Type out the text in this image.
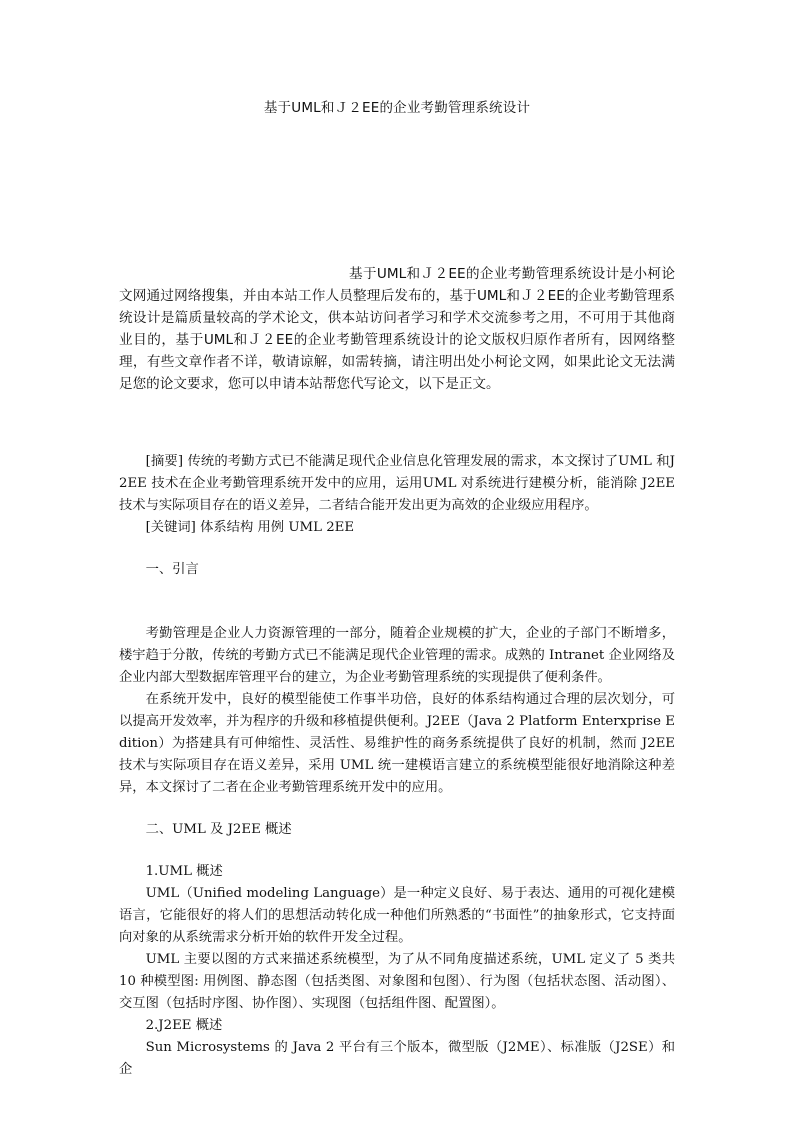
基于UML和Ｊ２EE的企业考勤管理系统设计
基于UML和Ｊ２EE的企业考勤管理系统设计是小柯论文网通过网络搜集，并由本站工作人员整理后发布的，基于UML和Ｊ２EE的企业考勤管理系统设计是篇质量较高的学术论文，供本站访问者学习和学术交流参考之用，不可用于其他商业目的，基于UML和Ｊ２EE的企业考勤管理系统设计的论文版权归原作者所有，因网络整理，有些文章作者不详，敬请谅解，如需转摘，请注明出处小柯论文网，如果此论文无法满足您的论文要求，您可以申请本站帮您代写论文，以下是正文。

[摘要] 传统的考勤方式已不能满足现代企业信息化管理发展的需求，本文探讨了UML 和J2EE 技术在企业考勤管理系统开发中的应用，运用UML 对系统进行建模分析，能消除 J2EE 技术与实际项目存在的语义差异，二者结合能开发出更为高效的企业级应用程序。

[关键词] 体系结构 用例 UML 2EE

一、引言

考勤管理是企业人力资源管理的一部分，随着企业规模的扩大，企业的子部门不断增多，楼宇趋于分散，传统的考勤方式已不能满足现代企业管理的需求。成熟的 Intranet 企业网络及企业内部大型数据库管理平台的建立，为企业考勤管理系统的实现提供了便利条件。

在系统开发中，良好的模型能使工作事半功倍，良好的体系结构通过合理的层次划分，可以提高开发效率，并为程序的升级和移植提供便利。J2EE（Java 2 Platform Enterxprise Edition）为搭建具有可伸缩性、灵活性、易维护性的商务系统提供了良好的机制，然而 J2EE 技术与实际项目存在语义差异，采用 UML 统一建模语言建立的系统模型能很好地消除这种差异，本文探讨了二者在企业考勤管理系统开发中的应用。

二、UML 及 J2EE 概述

1.UML 概述

UML（Unified modeling Language）是一种定义良好、易于表达、通用的可视化建模语言，它能很好的将人们的思想活动转化成一种他们所熟悉的“书面性”的抽象形式，它支持面向对象的从系统需求分析开始的软件开发全过程。

UML 主要以图的方式来描述系统模型，为了从不同角度描述系统，UML 定义了 5 类共 10 种模型图: 用例图、静态图（包括类图、对象图和包图）、行为图（包括状态图、活动图）、交互图（包括时序图、协作图）、实现图（包括组件图、配置图）。

2.J2EE 概述

Sun Microsystems 的 Java 2 平台有三个版本，微型版（J2ME）、标准版（J2SE）和企
